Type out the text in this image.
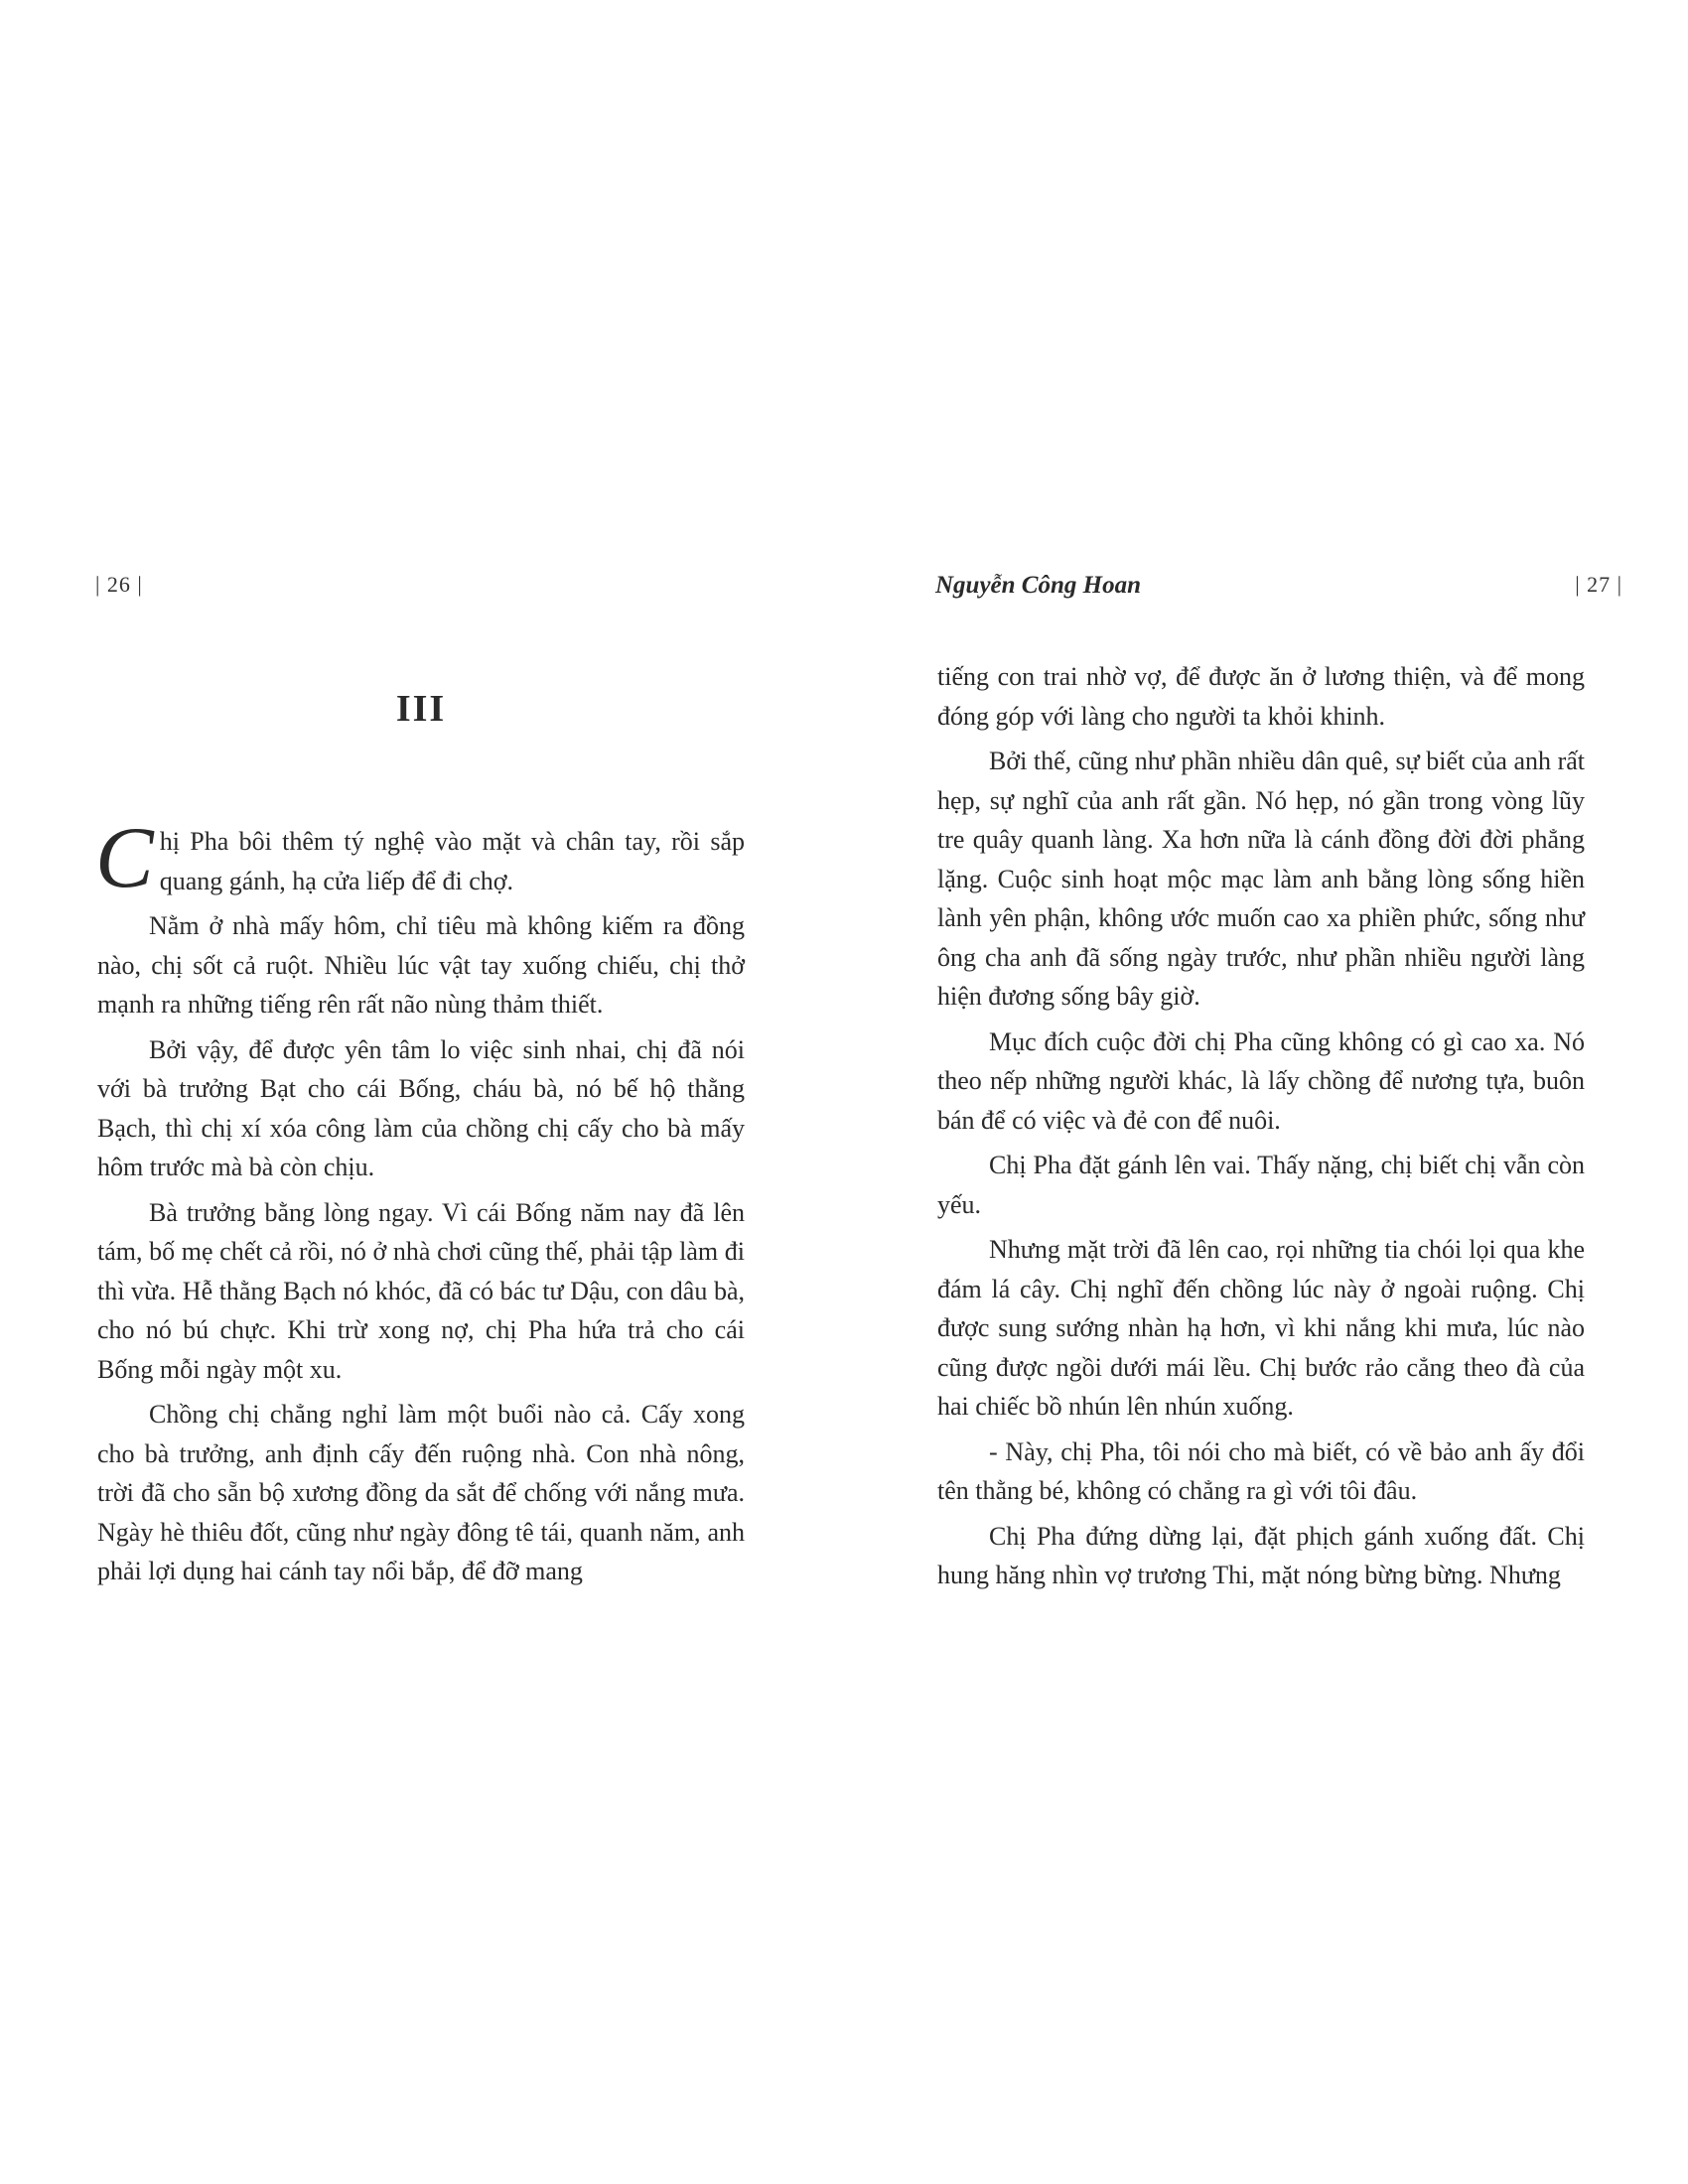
| 26 |
III

Chị Pha bôi thêm tý nghệ vào mặt và chân tay, rồi sắp quang gánh, hạ cửa liếp để đi chợ.

Nằm ở nhà mấy hôm, chỉ tiêu mà không kiếm ra đồng nào, chị sốt cả ruột. Nhiều lúc vật tay xuống chiếu, chị thở mạnh ra những tiếng rên rất não nùng thảm thiết.

Bởi vậy, để được yên tâm lo việc sinh nhai, chị đã nói với bà trưởng Bạt cho cái Bống, cháu bà, nó bế hộ thằng Bạch, thì chị xí xóa công làm của chồng chị cấy cho bà mấy hôm trước mà bà còn chịu.

Bà trưởng bằng lòng ngay. Vì cái Bống năm nay đã lên tám, bố mẹ chết cả rồi, nó ở nhà chơi cũng thế, phải tập làm đi thì vừa. Hễ thằng Bạch nó khóc, đã có bác tư Dậu, con dâu bà, cho nó bú chực. Khi trừ xong nợ, chị Pha hứa trả cho cái Bống mỗi ngày một xu.

Chồng chị chẳng nghỉ làm một buổi nào cả. Cấy xong cho bà trưởng, anh định cấy đến ruộng nhà. Con nhà nông, trời đã cho sẵn bộ xương đồng da sắt để chống với nắng mưa. Ngày hè thiêu đốt, cũng như ngày đông tê tái, quanh năm, anh phải lợi dụng hai cánh tay nổi bắp, để đỡ mang

Nguyễn Công Hoan	| 27 |

tiếng con trai nhờ vợ, để được ăn ở lương thiện, và để mong đóng góp với làng cho người ta khỏi khinh.

Bởi thế, cũng như phần nhiều dân quê, sự biết của anh rất hẹp, sự nghĩ của anh rất gần. Nó hẹp, nó gần trong vòng lũy tre quây quanh làng. Xa hơn nữa là cánh đồng đời đời phẳng lặng. Cuộc sinh hoạt mộc mạc làm anh bằng lòng sống hiền lành yên phận, không ước muốn cao xa phiền phức, sống như ông cha anh đã sống ngày trước, như phần nhiều người làng hiện đương sống bây giờ.

Mục đích cuộc đời chị Pha cũng không có gì cao xa. Nó theo nếp những người khác, là lấy chồng để nương tựa, buôn bán để có việc và đẻ con để nuôi.

Chị Pha đặt gánh lên vai. Thấy nặng, chị biết chị vẫn còn yếu.

Nhưng mặt trời đã lên cao, rọi những tia chói lọi qua khe đám lá cây. Chị nghĩ đến chồng lúc này ở ngoài ruộng. Chị được sung sướng nhàn hạ hơn, vì khi nắng khi mưa, lúc nào cũng được ngồi dưới mái lều. Chị bước rảo cẳng theo đà của hai chiếc bồ nhún lên nhún xuống.

- Này, chị Pha, tôi nói cho mà biết, có về bảo anh ấy đổi tên thằng bé, không có chẳng ra gì với tôi đâu.

Chị Pha đứng dừng lại, đặt phịch gánh xuống đất. Chị hung hăng nhìn vợ trương Thi, mặt nóng bừng bừng. Nhưng
